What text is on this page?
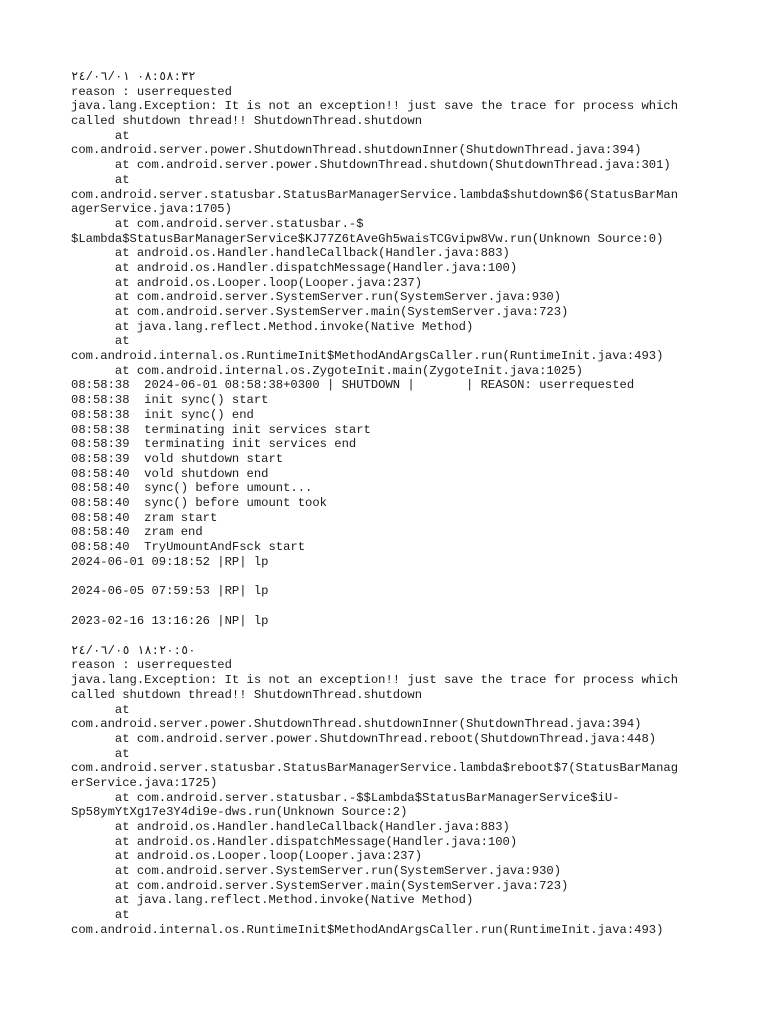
٠٨:٥٨:٣٢ ٢٤/٠٦/٠١
reason : userrequested
java.lang.Exception: It is not an exception!! just save the trace for process which
called shutdown thread!! ShutdownThread.shutdown
at
com.android.server.power.ShutdownThread.shutdownInner(ShutdownThread.java:394)
at com.android.server.power.ShutdownThread.shutdown(ShutdownThread.java:301)
at
com.android.server.statusbar.StatusBarManagerService.lambda$shutdown$6(StatusBarMan
agerService.java:1705)
at com.android.server.statusbar.-$
$Lambda$StatusBarManagerService$KJ77Z6tAveGh5waisTCGvipw8Vw.run(Unknown Source:0)
at android.os.Handler.handleCallback(Handler.java:883)
at android.os.Handler.dispatchMessage(Handler.java:100)
at android.os.Looper.loop(Looper.java:237)
at com.android.server.SystemServer.run(SystemServer.java:930)
at com.android.server.SystemServer.main(SystemServer.java:723)
at java.lang.reflect.Method.invoke(Native Method)
at
com.android.internal.os.RuntimeInit$MethodAndArgsCaller.run(RuntimeInit.java:493)
at com.android.internal.os.ZygoteInit.main(ZygoteInit.java:1025)
08:58:38  2024-06-01 08:58:38+0300 | SHUTDOWN |       | REASON: userrequested
08:58:38  init sync() start
08:58:38  init sync() end
08:58:38  terminating init services start
08:58:39  terminating init services end
08:58:39  vold shutdown start
08:58:40  vold shutdown end
08:58:40  sync() before umount...
08:58:40  sync() before umount took
08:58:40  zram start
08:58:40  zram end
08:58:40  TryUmountAndFsck start
2024-06-01 09:18:52 |RP| lp
2024-06-05 07:59:53 |RP| lp
2023-02-16 13:16:26 |NP| lp
١٨:٢٠:٥٠ ٢٤/٠٦/٠٥
reason : userrequested
java.lang.Exception: It is not an exception!! just save the trace for process which
called shutdown thread!! ShutdownThread.shutdown
at
com.android.server.power.ShutdownThread.shutdownInner(ShutdownThread.java:394)
at com.android.server.power.ShutdownThread.reboot(ShutdownThread.java:448)
at
com.android.server.statusbar.StatusBarManagerService.lambda$reboot$7(StatusBarManag
erService.java:1725)
at com.android.server.statusbar.-$$Lambda$StatusBarManagerService$iU-
Sp58ymYtXg17e3Y4di9e-dws.run(Unknown Source:2)
at android.os.Handler.handleCallback(Handler.java:883)
at android.os.Handler.dispatchMessage(Handler.java:100)
at android.os.Looper.loop(Looper.java:237)
at com.android.server.SystemServer.run(SystemServer.java:930)
at com.android.server.SystemServer.main(SystemServer.java:723)
at java.lang.reflect.Method.invoke(Native Method)
at
com.android.internal.os.RuntimeInit$MethodAndArgsCaller.run(RuntimeInit.java:493)
